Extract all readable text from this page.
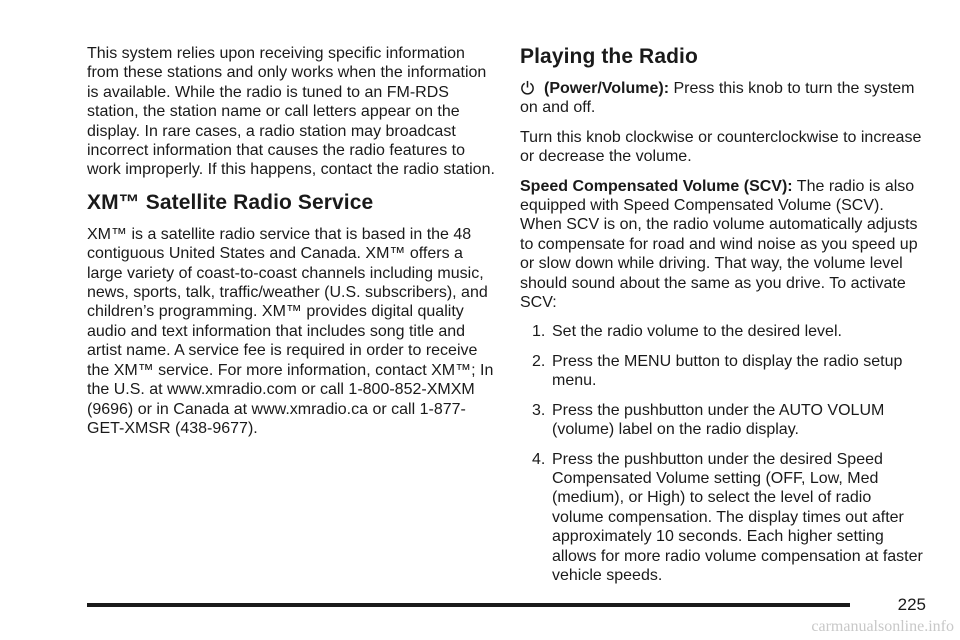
This system relies upon receiving specific information from these stations and only works when the information is available. While the radio is tuned to an FM-RDS station, the station name or call letters appear on the display. In rare cases, a radio station may broadcast incorrect information that causes the radio features to work improperly. If this happens, contact the radio station.

XM™ Satellite Radio Service

XM™ is a satellite radio service that is based in the 48 contiguous United States and Canada. XM™ offers a large variety of coast-to-coast channels including music, news, sports, talk, traffic/weather (U.S. subscribers), and children’s programming. XM™ provides digital quality audio and text information that includes song title and artist name. A service fee is required in order to receive the XM™ service. For more information, contact XM™; In the U.S. at www.xmradio.com or call 1-800-852-XMXM (9696) or in Canada at www.xmradio.ca or call 1-877-GET-XMSR (438-9677).

Playing the Radio

(Power/Volume): Press this knob to turn the system on and off.

Turn this knob clockwise or counterclockwise to increase or decrease the volume.

Speed Compensated Volume (SCV): The radio is also equipped with Speed Compensated Volume (SCV). When SCV is on, the radio volume automatically adjusts to compensate for road and wind noise as you speed up or slow down while driving. That way, the volume level should sound about the same as you drive. To activate SCV:

1. Set the radio volume to the desired level.
2. Press the MENU button to display the radio setup menu.
3. Press the pushbutton under the AUTO VOLUM (volume) label on the radio display.
4. Press the pushbutton under the desired Speed Compensated Volume setting (OFF, Low, Med (medium), or High) to select the level of radio volume compensation. The display times out after approximately 10 seconds. Each higher setting allows for more radio volume compensation at faster vehicle speeds.
225
carmanualsonline.info
